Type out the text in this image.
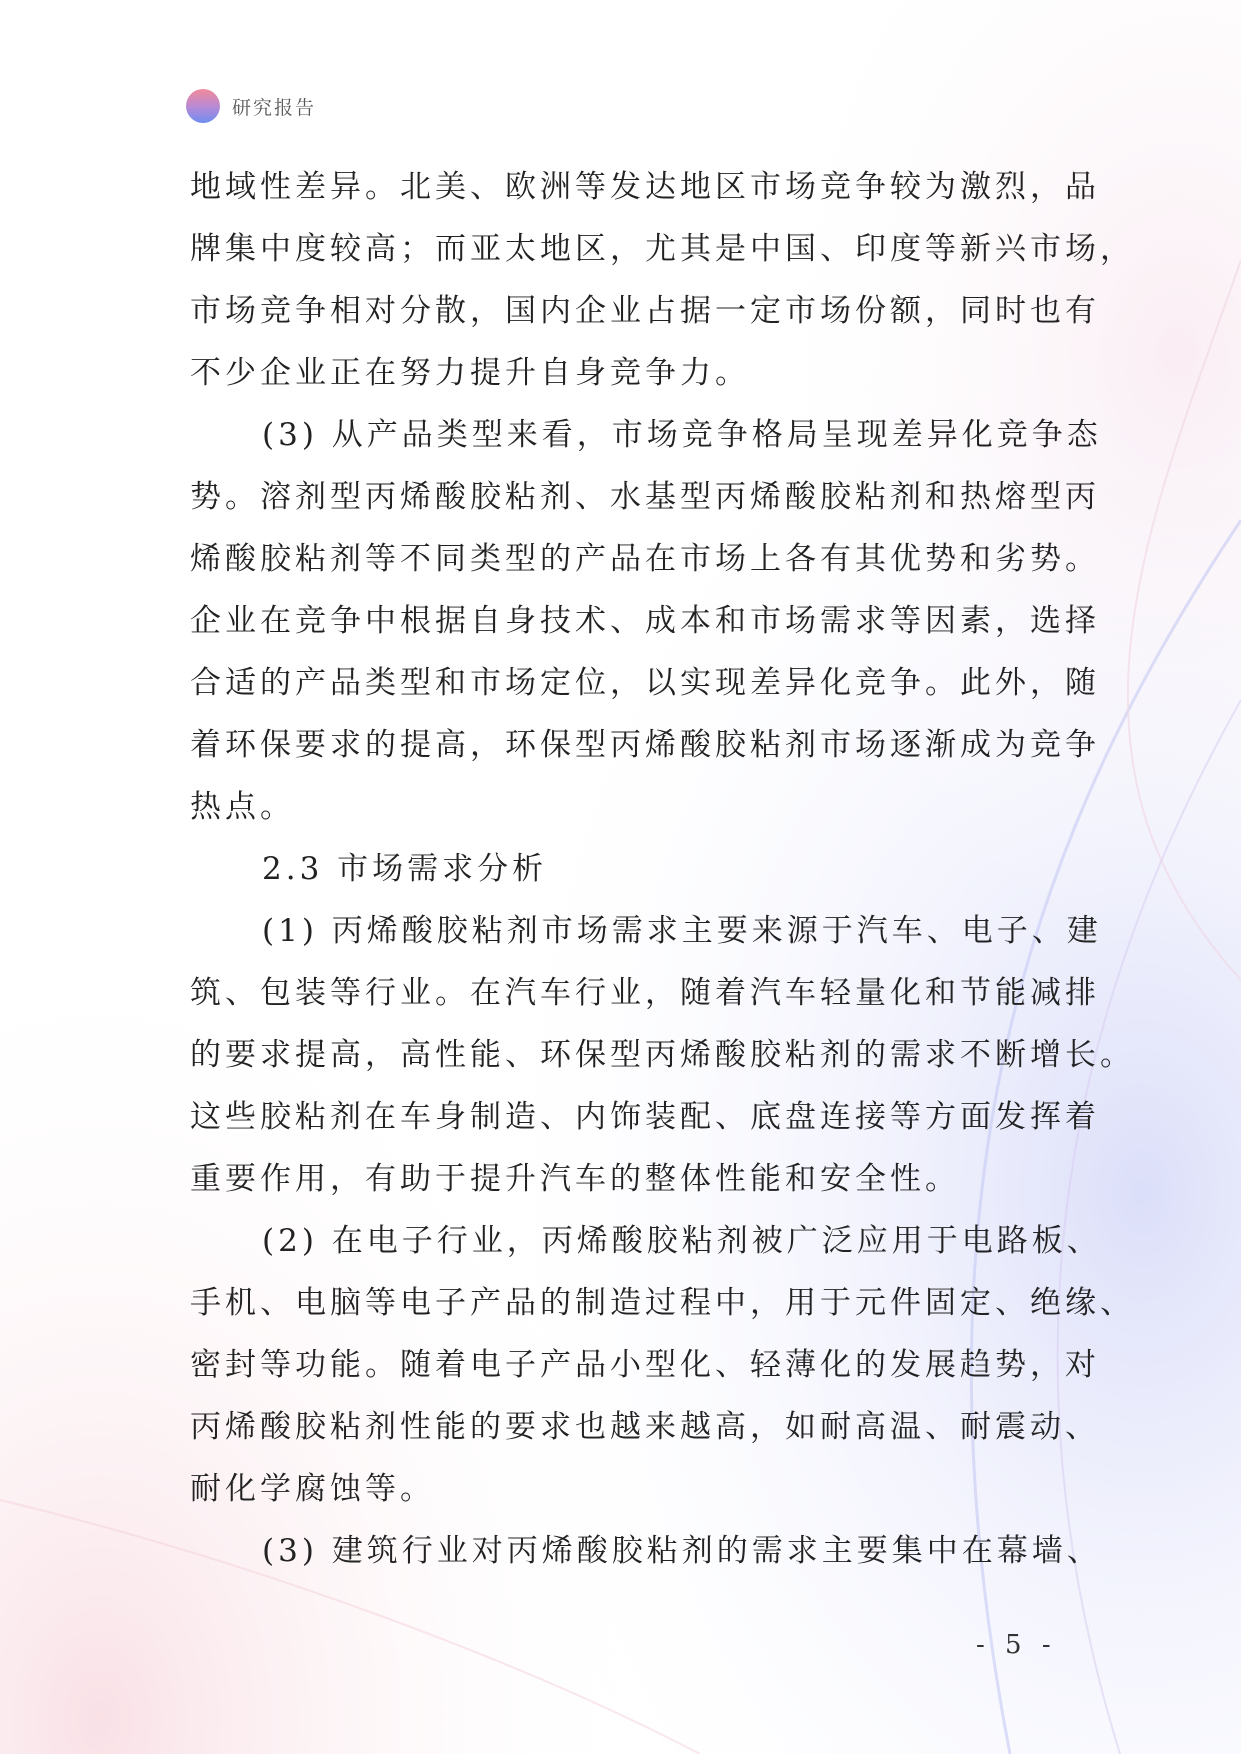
研究报告

地域性差异。北美、欧洲等发达地区市场竞争较为激烈，品
牌集中度较高；而亚太地区，尤其是中国、印度等新兴市场，
市场竞争相对分散，国内企业占据一定市场份额，同时也有
不少企业正在努力提升自身竞争力。

(3) 从产品类型来看，市场竞争格局呈现差异化竞争态
势。溶剂型丙烯酸胶粘剂、水基型丙烯酸胶粘剂和热熔型丙
烯酸胶粘剂等不同类型的产品在市场上各有其优势和劣势。
企业在竞争中根据自身技术、成本和市场需求等因素，选择
合适的产品类型和市场定位，以实现差异化竞争。此外，随
着环保要求的提高，环保型丙烯酸胶粘剂市场逐渐成为竞争
热点。

2.3 市场需求分析

(1) 丙烯酸胶粘剂市场需求主要来源于汽车、电子、建
筑、包装等行业。在汽车行业，随着汽车轻量化和节能减排
的要求提高，高性能、环保型丙烯酸胶粘剂的需求不断增长。
这些胶粘剂在车身制造、内饰装配、底盘连接等方面发挥着
重要作用，有助于提升汽车的整体性能和安全性。

(2) 在电子行业，丙烯酸胶粘剂被广泛应用于电路板、
手机、电脑等电子产品的制造过程中，用于元件固定、绝缘、
密封等功能。随着电子产品小型化、轻薄化的发展趋势，对
丙烯酸胶粘剂性能的要求也越来越高，如耐高温、耐震动、
耐化学腐蚀等。

(3) 建筑行业对丙烯酸胶粘剂的需求主要集中在幕墙、

- 5 -
